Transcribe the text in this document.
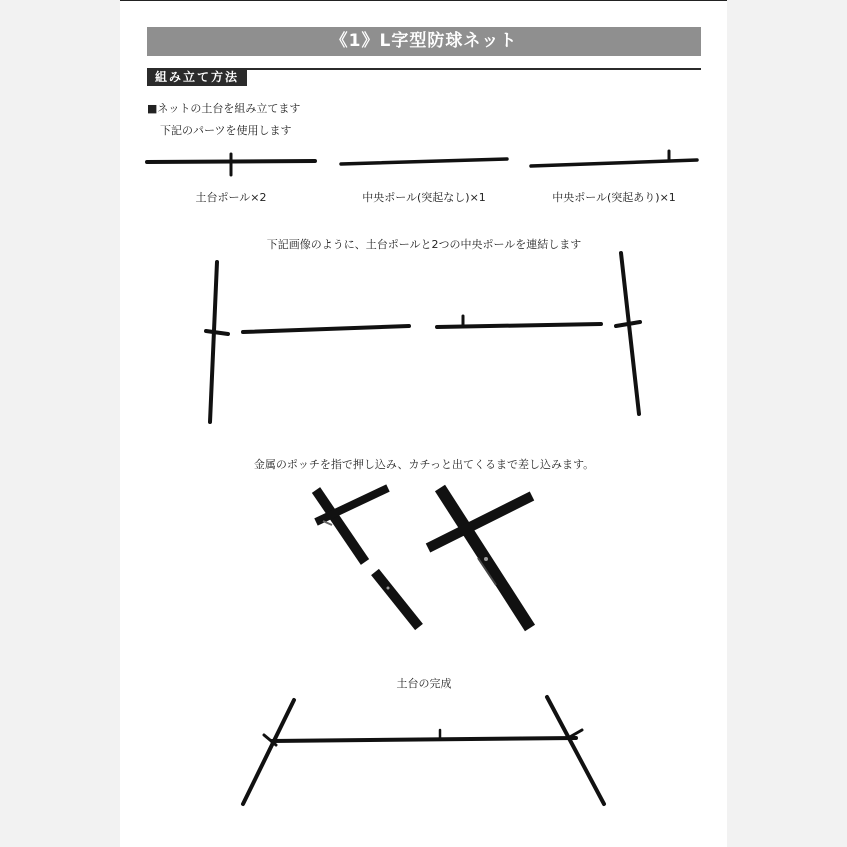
《1》L字型防球ネット
組み立て方法
■ネットの土台を組み立てます
下記のパーツを使用します
土台ポール×2	中央ポール(突起なし)×1	中央ポール(突起あり)×1
下記画像のように、土台ポールと2つの中央ポールを連結します
金属のポッチを指で押し込み、カチっと出てくるまで差し込みます。
土台の完成
